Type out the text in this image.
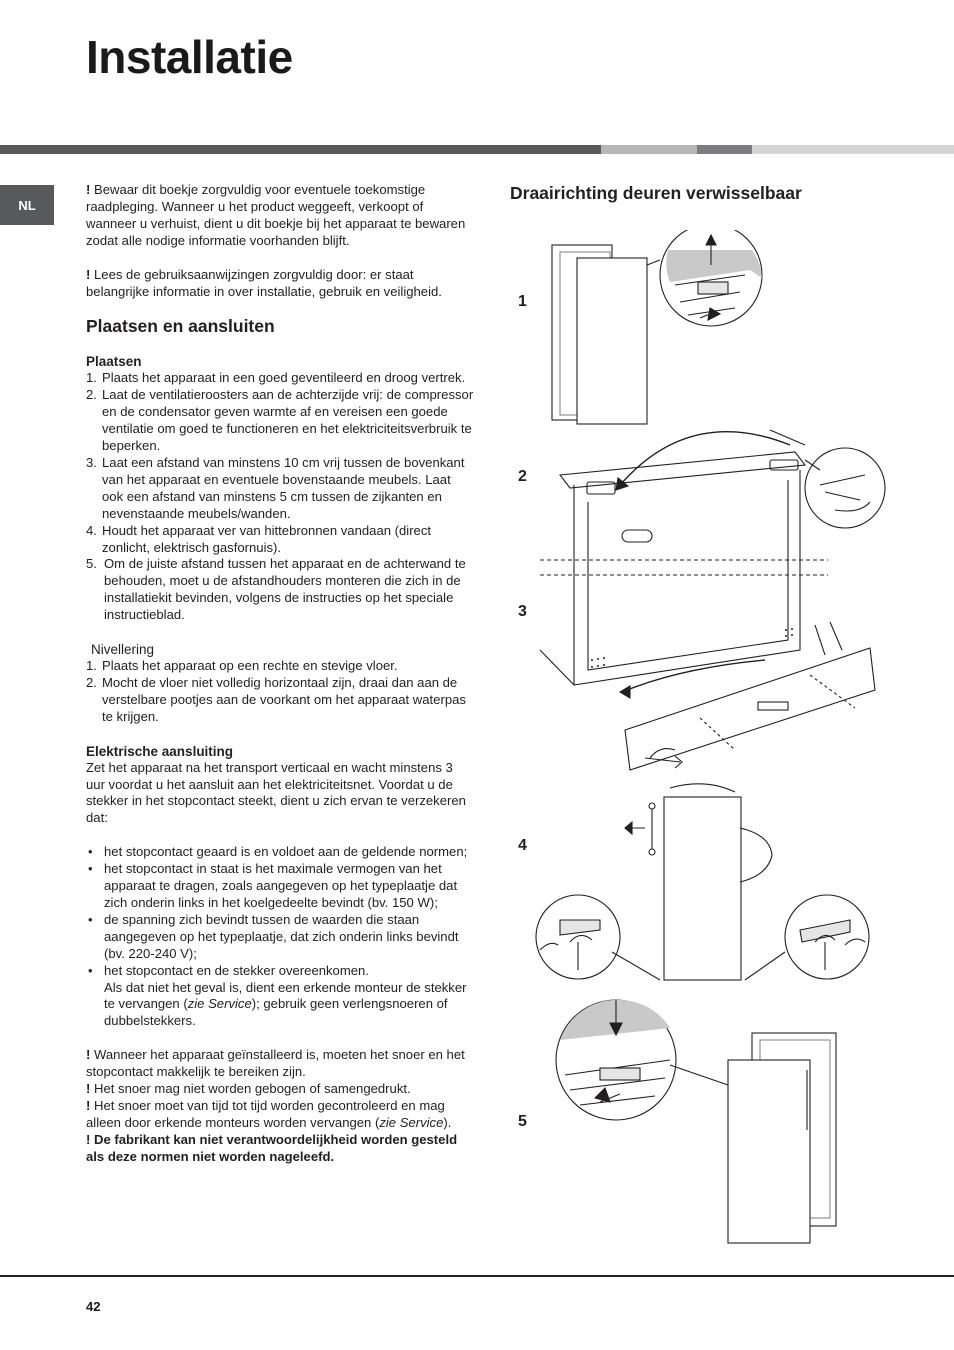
Installatie
NL

! Bewaar dit boekje zorgvuldig voor eventuele toekomstige raadpleging. Wanneer u het product weggeeft, verkoopt of wanneer u verhuist, dient u dit boekje bij het apparaat te bewaren zodat alle nodige informatie voorhanden blijft.

! Lees de gebruiksaanwijzingen zorgvuldig door: er staat belangrijke informatie in over installatie, gebruik en veiligheid.

Plaatsen en aansluiten
Plaatsen
1. Plaats het apparaat in een goed geventileerd en droog vertrek.
2. Laat de ventilatieroosters aan de achterzijde vrij: de compressor en de condensator geven warmte af en vereisen een goede ventilatie om goed te functioneren en het elektriciteitsverbruik te beperken.
3. Laat een afstand van minstens 10 cm vrij tussen de bovenkant van het apparaat en eventuele bovenstaande meubels. Laat ook een afstand van minstens 5 cm tussen de zijkanten en nevenstaande meubels/wanden.
4. Houdt het apparaat ver van hittebronnen vandaan (direct zonlicht, elektrisch gasfornuis).
5. Om de juiste afstand tussen het apparaat en de achterwand te behouden, moet u de afstandhouders monteren die zich in de installatiekit bevinden, volgens de instructies op het speciale instructieblad.

Nivellering

1. Plaats het apparaat op een rechte en stevige vloer.
2. Mocht de vloer niet volledig horizontaal zijn, draai dan aan de verstelbare pootjes aan de voorkant om het apparaat waterpas te krijgen.
Elektrische aansluiting

Zet het apparaat na het transport verticaal en wacht minstens 3 uur voordat u het aansluit aan het elektriciteitsnet. Voordat u de stekker in het stopcontact steekt, dient u zich ervan te verzekeren dat:

• het stopcontact geaard is en voldoet aan de geldende normen;
• het stopcontact in staat is het maximale vermogen van het apparaat te dragen, zoals aangegeven op het typeplaatje dat zich onderin links in het koelgedeelte bevindt (bv. 150 W);
• de spanning zich bevindt tussen de waarden die staan aangegeven op het typeplaatje, dat zich onderin links bevindt (bv. 220-240 V);
• het stopcontact en de stekker overeenkomen.
Als dat niet het geval is, dient een erkende monteur de stekker te vervangen (zie Service); gebruik geen verlengsnoeren of dubbelstekkers.

! Wanneer het apparaat geïnstalleerd is, moeten het snoer en het stopcontact makkelijk te bereiken zijn.

! Het snoer mag niet worden gebogen of samengedrukt.

! Het snoer moet van tijd tot tijd worden gecontroleerd en mag alleen door erkende monteurs worden vervangen (zie Service).

! De fabrikant kan niet verantwoordelijkheid worden gesteld als deze normen niet worden nageleefd.

Draairichting deuren verwisselbaar
1
2
3
4
5
42
